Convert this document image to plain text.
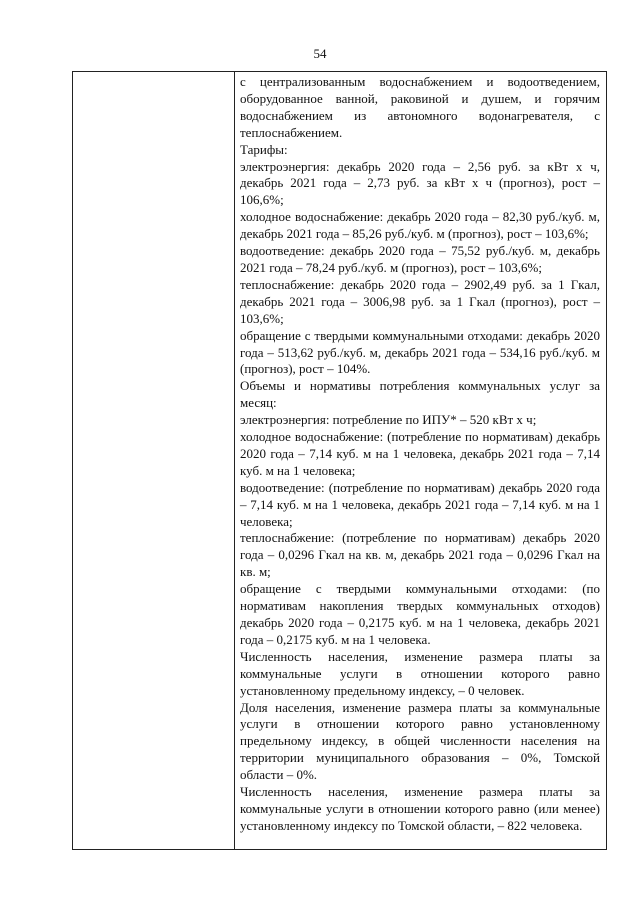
54

с централизованным водоснабжением и водоотведением, оборудованное ванной, раковиной и душем, и горячим водоснабжением из автономного водонагревателя, с теплоснабжением.

Тарифы:

электроэнергия: декабрь 2020 года – 2,56 руб. за кВт х ч, декабрь 2021 года – 2,73 руб. за кВт х ч (прогноз), рост – 106,6%;

холодное водоснабжение: декабрь 2020 года – 82,30 руб./куб. м, декабрь 2021 года – 85,26 руб./куб. м (прогноз), рост – 103,6%;

водоотведение: декабрь 2020 года – 75,52 руб./куб. м, декабрь 2021 года – 78,24 руб./куб. м (прогноз), рост – 103,6%;

теплоснабжение: декабрь 2020 года – 2902,49 руб. за 1 Гкал, декабрь 2021 года – 3006,98 руб. за 1 Гкал (прогноз), рост – 103,6%;

обращение с твердыми коммунальными отходами: декабрь 2020 года – 513,62 руб./куб. м, декабрь 2021 года – 534,16 руб./куб. м (прогноз), рост – 104%.

Объемы и нормативы потребления коммунальных услуг за месяц:

электроэнергия: потребление по ИПУ* – 520 кВт х ч;

холодное водоснабжение: (потребление по нормативам) декабрь 2020 года – 7,14 куб. м на 1 человека, декабрь 2021 года – 7,14 куб. м на 1 человека;

водоотведение: (потребление по нормативам) декабрь 2020 года – 7,14 куб. м на 1 человека, декабрь 2021 года – 7,14 куб. м на 1 человека;

теплоснабжение: (потребление по нормативам) декабрь 2020 года – 0,0296 Гкал на кв. м, декабрь 2021 года – 0,0296 Гкал на кв. м;

обращение с твердыми коммунальными отходами: (по нормативам накопления твердых коммунальных отходов) декабрь 2020 года – 0,2175 куб. м на 1 человека, декабрь 2021 года – 0,2175 куб. м на 1 человека.

Численность населения, изменение размера платы за коммунальные услуги в отношении которого равно установленному предельному индексу, – 0 человек.

Доля населения, изменение размера платы за коммунальные услуги в отношении которого равно установленному предельному индексу, в общей численности населения на территории муниципального образования – 0%, Томской области – 0%.

Численность населения, изменение размера платы за коммунальные услуги в отношении которого равно (или менее) установленному индексу по Томской области, – 822 человека.
